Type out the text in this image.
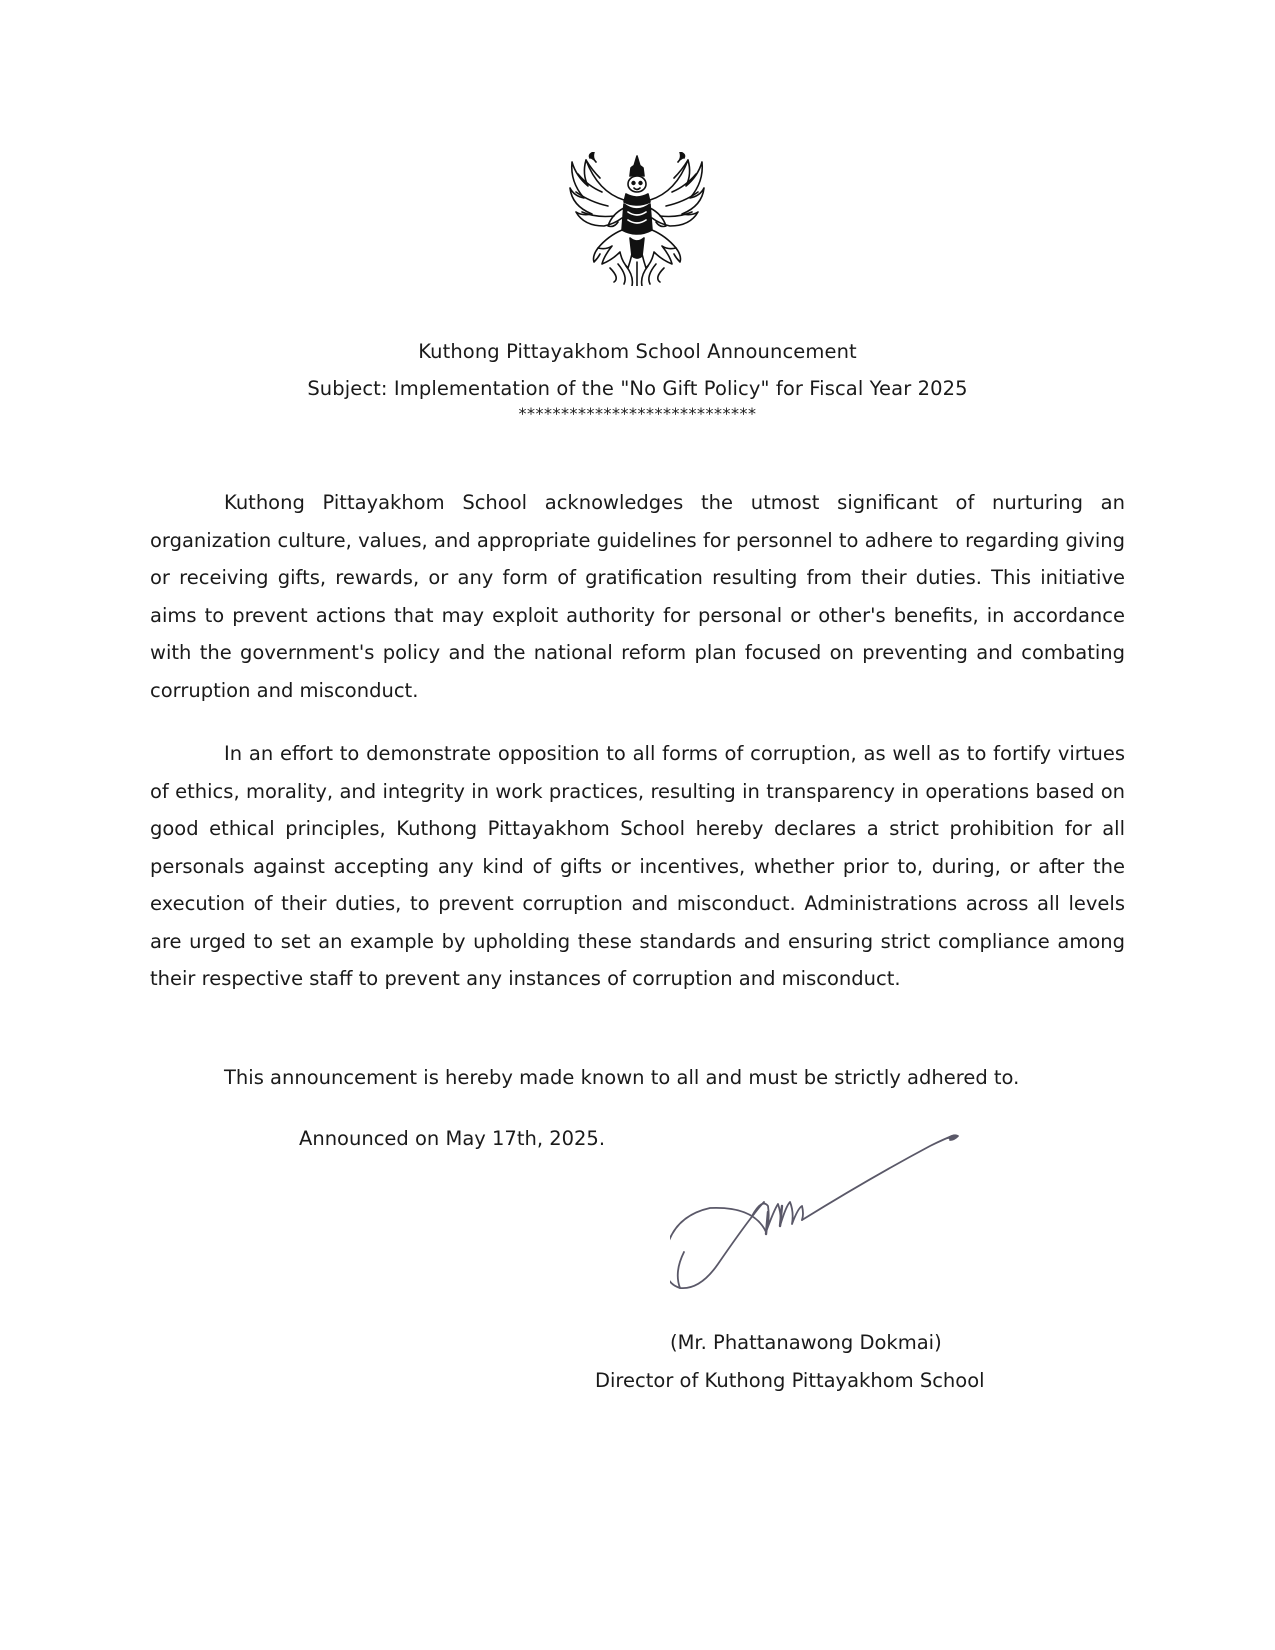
Kuthong Pittayakhom School Announcement
Subject: Implementation of the "No Gift Policy" for Fiscal Year 2025
****************************

Kuthong Pittayakhom School acknowledges the utmost significant of nurturing an organization culture, values, and appropriate guidelines for personnel to adhere to regarding giving or receiving gifts, rewards, or any form of gratification resulting from their duties. This initiative aims to prevent actions that may exploit authority for personal or other's benefits, in accordance with the government's policy and the national reform plan focused on preventing and combating corruption and misconduct.

In an effort to demonstrate opposition to all forms of corruption, as well as to fortify virtues of ethics, morality, and integrity in work practices, resulting in transparency in operations based on good ethical principles, Kuthong Pittayakhom School hereby declares a strict prohibition for all personals against accepting any kind of gifts or incentives, whether prior to, during, or after the execution of their duties, to prevent corruption and misconduct. Administrations across all levels are urged to set an example by upholding these standards and ensuring strict compliance among their respective staff to prevent any instances of corruption and misconduct.

This announcement is hereby made known to all and must be strictly adhered to.

Announced on May 17th, 2025.
(Mr. Phattanawong Dokmai)
Director of Kuthong Pittayakhom School
